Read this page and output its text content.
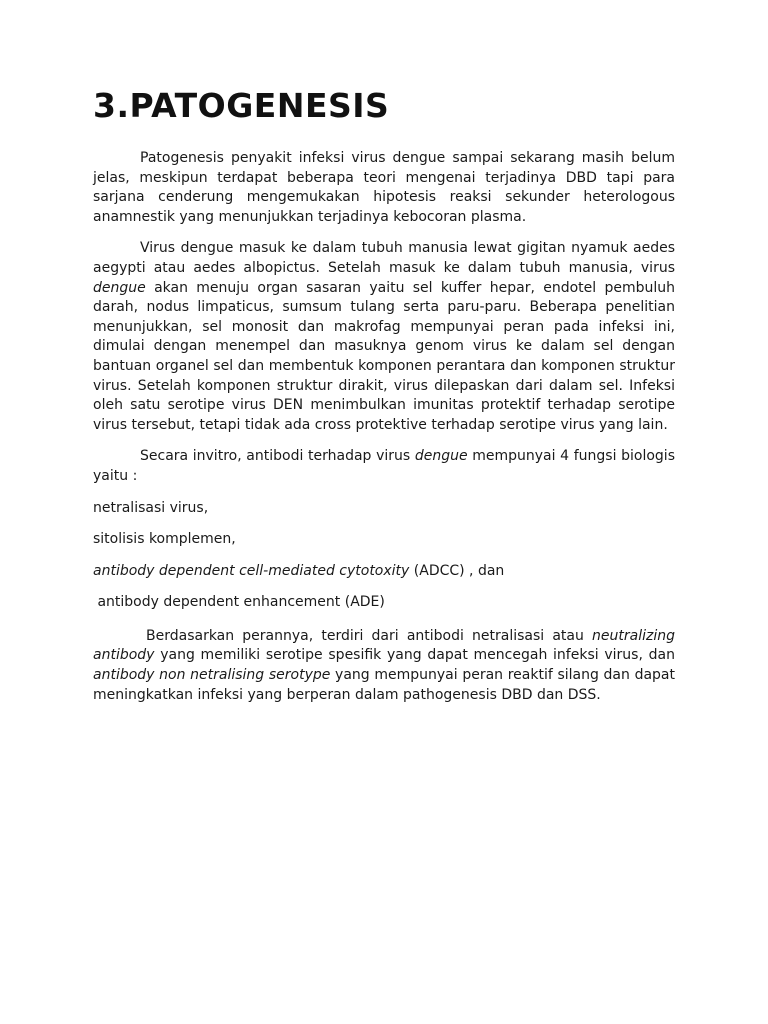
3.PATOGENESIS

Patogenesis penyakit infeksi virus dengue sampai sekarang masih belum jelas, meskipun terdapat beberapa teori mengenai terjadinya DBD tapi para sarjana cenderung mengemukakan hipotesis reaksi sekunder heterologous anamnestik yang menunjukkan terjadinya kebocoran plasma.

Virus dengue masuk ke dalam tubuh manusia lewat gigitan nyamuk aedes aegypti atau aedes albopictus. Setelah masuk ke dalam tubuh manusia, virus dengue akan menuju organ sasaran yaitu sel kuffer hepar, endotel pembuluh darah, nodus limpaticus, sumsum tulang serta paru-paru. Beberapa penelitian menunjukkan, sel monosit dan makrofag mempunyai peran pada infeksi ini, dimulai dengan menempel dan masuknya genom virus ke dalam sel dengan bantuan organel sel dan membentuk komponen perantara dan komponen struktur virus. Setelah komponen struktur dirakit, virus dilepaskan dari dalam sel. Infeksi oleh satu serotipe virus DEN menimbulkan imunitas protektif terhadap serotipe virus tersebut, tetapi tidak ada cross protektive terhadap serotipe virus yang lain.

Secara invitro, antibodi terhadap virus dengue mempunyai 4 fungsi biologis yaitu :

netralisasi virus,

sitolisis komplemen,

antibody dependent cell-mediated cytotoxity (ADCC) , dan

antibody dependent enhancement (ADE)

Berdasarkan perannya, terdiri dari antibodi netralisasi atau neutralizing antibody yang memiliki serotipe spesifik yang dapat mencegah infeksi virus, dan antibody non netralising serotype yang mempunyai peran reaktif silang dan dapat meningkatkan infeksi yang berperan dalam pathogenesis DBD dan DSS.
